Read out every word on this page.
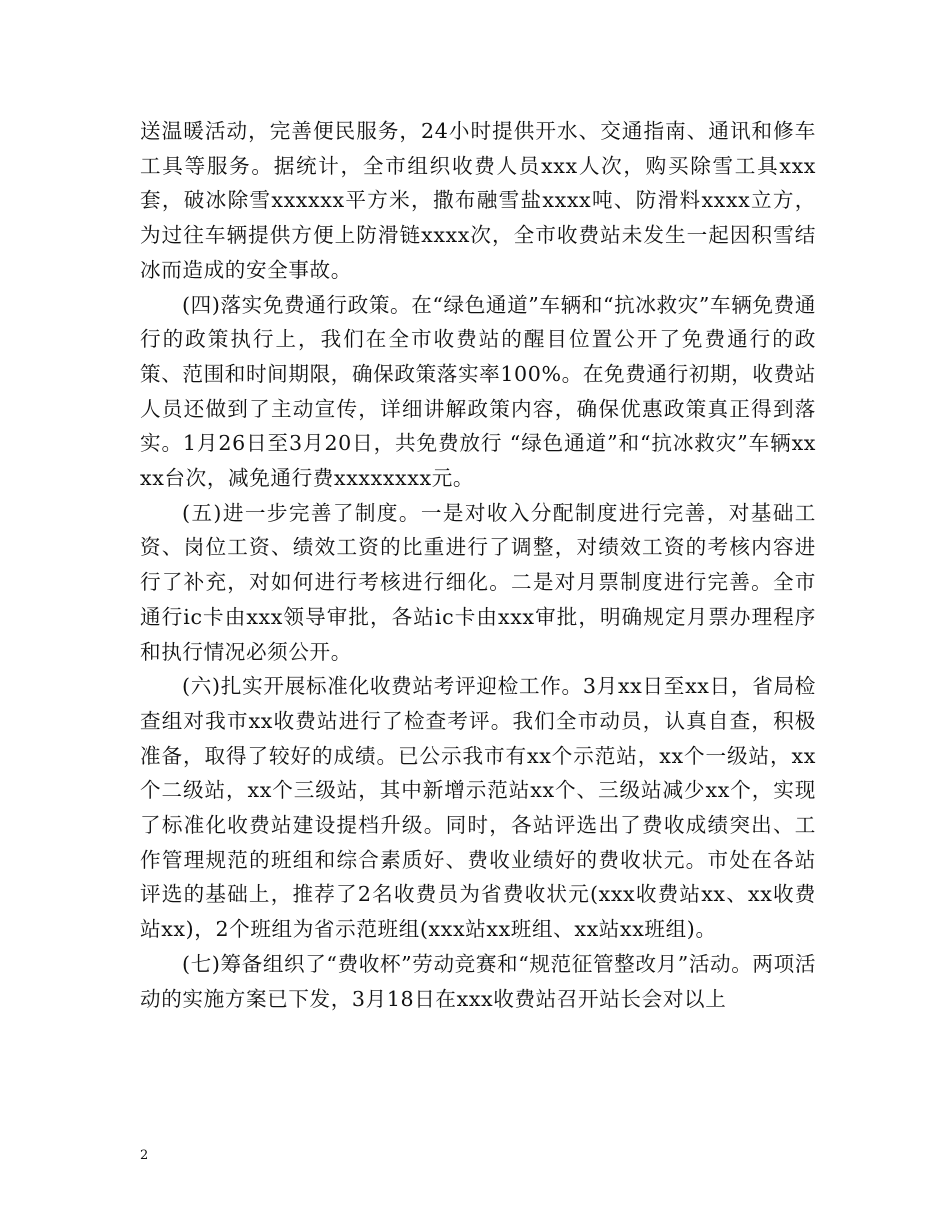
送温暖活动，完善便民服务，24小时提供开水、交通指南、通讯和修车工具等服务。据统计，全市组织收费人员xxx人次，购买除雪工具xxx套，破冰除雪xxxxxx平方米，撒布融雪盐xxxx吨、防滑料xxxx立方，为过往车辆提供方便上防滑链xxxx次，全市收费站未发生一起因积雪结冰而造成的安全事故。

(四)落实免费通行政策。在“绿色通道”车辆和“抗冰救灾”车辆免费通行的政策执行上，我们在全市收费站的醒目位置公开了免费通行的政策、范围和时间期限，确保政策落实率100%。在免费通行初期，收费站人员还做到了主动宣传，详细讲解政策内容，确保优惠政策真正得到落实。1月26日至3月20日，共免费放行 “绿色通道”和“抗冰救灾”车辆xxxx台次，减免通行费xxxxxxxx元。

(五)进一步完善了制度。一是对收入分配制度进行完善，对基础工资、岗位工资、绩效工资的比重进行了调整，对绩效工资的考核内容进行了补充，对如何进行考核进行细化。二是对月票制度进行完善。全市通行ic卡由xxx领导审批，各站ic卡由xxx审批，明确规定月票办理程序和执行情况必须公开。

(六)扎实开展标准化收费站考评迎检工作。3月xx日至xx日，省局检查组对我市xx收费站进行了检查考评。我们全市动员，认真自查，积极准备，取得了较好的成绩。已公示我市有xx个示范站，xx个一级站，xx个二级站，xx个三级站，其中新增示范站xx个、三级站减少xx个，实现了标准化收费站建设提档升级。同时，各站评选出了费收成绩突出、工作管理规范的班组和综合素质好、费收业绩好的费收状元。市处在各站评选的基础上，推荐了2名收费员为省费收状元(xxx收费站xx、xx收费站xx)，2个班组为省示范班组(xxx站xx班组、xx站xx班组)。

(七)筹备组织了“费收杯”劳动竞赛和“规范征管整改月”活动。两项活动的实施方案已下发，3月18日在xxx收费站召开站长会对以上

2
